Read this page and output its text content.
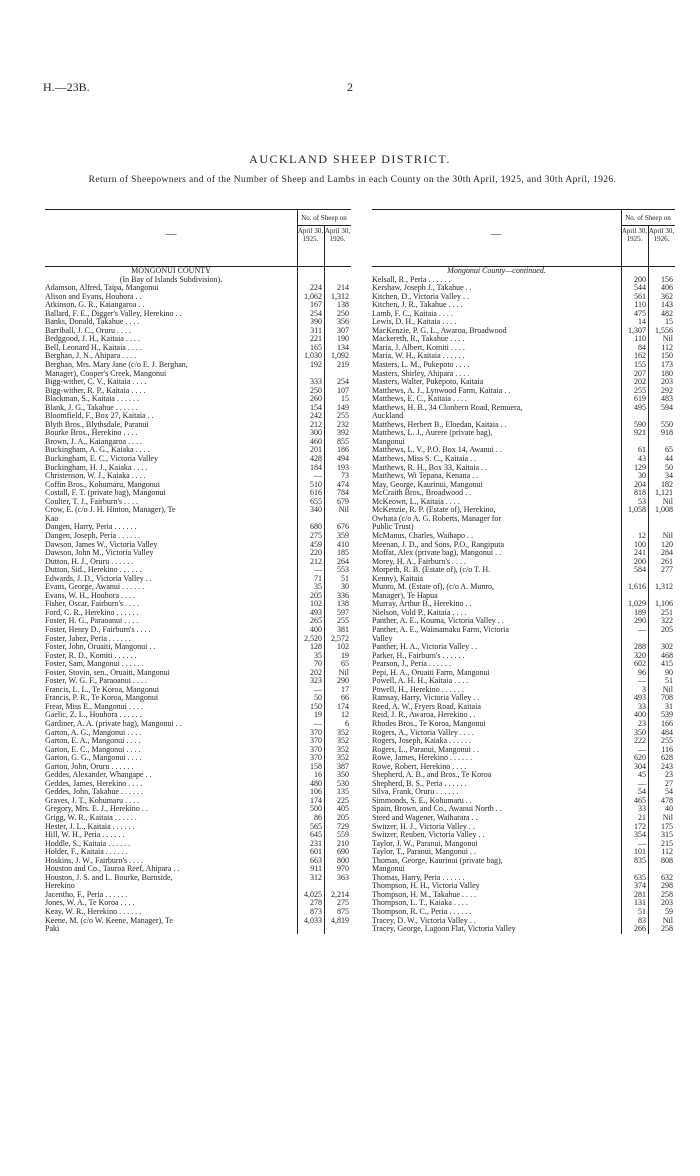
H.—23B.	2
AUCKLAND SHEEP DISTRICT.
Return of Sheepowners and of the Number of Sheep and Lambs in each County on the 30th April, 1925, and 30th April, 1926.
—
No. of Sheep on
April 30, 1925.
April 30, 1926.
MONGONUI COUNTY
(In Bay of Islands Subdivision).
Adamson, Alfred, Taipa, Mangonui	224	214
Alison and Evans, Houhora . .	1,062	1,312
Atkinson, G. R., Kaiangaroa . .	167	138
Ballard, F. E., Digger's Valley, Herekino . .	254	250
Banks, Donald, Takahue . . . .	390	356
Barriball, J. C., Oruru . . . .	311	307
Bedggood, J. H., Kaitaia . . . .	221	190
Bell, Leonard H., Kaitaia . . . .	165	134
Berghan, J. N., Ahipara . . . .	1,030	1,092
Berghan, Mrs. Mary Jane (c/o E. J. Berghan,	192	219
Manager), Cooper's Creek, Mangonui
Bigg-wither, C. V., Kaitaia . . . .	333	254
Bigg-wither, R. P., Kaitaia . . . .	250	107
Blackman, S., Kaitaia . . . . . .	260	15
Blank, J. G., Takahue . . . . . .	154	149
Bloomfield, F., Box 27, Kaitaia . .	242	255
Blyth Bros., Blythsdale, Paranui	212	232
Bourke Bros., Herekino . . . .	300	392
Brown, J. A., Kaiangaroa . . . .	460	855
Buckingham, A. G., Kaiaka . . . .	201	186
Buckingham, E. C., Victoria Valley	428	494
Buckingham, H. J., Kaiaka . . . .	184	193
Christenson, W. J., Kaiaka . . . .	—	73
Coffin Bros., Kohumaru, Mangonui	510	474
Costall, F. T. (private bag), Mangonui	616	784
Coulter, T. J., Fairburn's . . . .	655	679
Crow, E. (c/o J. H. Hinton, Manager), Te	340	Nil
Kao
Dangen, Harry, Peria . . . . . .	680	676
Dangen, Joseph, Peria . . . . . .	275	359
Dawson, James W., Victoria Valley	459	410
Dawson, John M., Victoria Valley	220	185
Dutton, H. J., Oruru . . . . . .	212	264
Dutton, Sid., Herekino . . . . . .	—	553
Edwards, J. D., Victoria Valley . .	71	51
Evans, George, Awanui . . . . . .	35	30
Evans, W. H., Houhora . . . .	205	336
Fisher, Oscar, Fairburn's . . . .	102	138
Ford, C. R., Herekino . . . . . .	493	597
Foster, H. G., Paraoanui . . . .	265	255
Foster, Henry D., Fairburn's . . . .	400	381
Foster, Jabez, Peria . . . . . .	2,520	2,572
Foster, John, Oruaiti, Mangonui . .	128	102
Foster, R. D., Komiti . . . . . .	35	19
Foster, Sam, Mangonui . . . . . .	70	65
Foster, Stovin, sen., Oruaiti, Mangonui	202	Nil
Foster, W. G. F., Paraoanui . . . .	323	290
Francis, L. L., Te Koroa, Mangonui	—	17
Francis, P. R., Te Koroa, Mangonui	50	66
Frear, Miss E., Mangonui . . . .	150	174
Gaelic, Z. L., Houhora . . . . . .	19	12
Gardiner, A. A. (private bag), Mangonui . .	—	6
Garton, A. G., Mangonui . . . .	370	352
Garton, E. A., Mangonui . . . .	370	352
Garton, E. C., Mangonui . . . .	370	352
Garton, G. G., Mangonui . . . .	370	352
Garton, John, Oruru . . . . . .	158	387
Geddes, Alexander, Whangape . .	16	350
Geddes, James, Herekino . . . .	480	530
Geddes, John, Takahue . . . . . .	106	135
Graves, J. T., Kohumaru . . . .	174	225
Gregory, Mrs. E. J., Herekino . .	500	405
Grigg, W. R., Kaitaia . . . . . .	86	205
Hester, J. L., Kaitaia . . . . . .	565	729
Hill, W. H., Peria . . . . . .	645	559
Hoddle, S., Kaitaia . . . . . .	231	210
Holder, F., Kaitaia . . . . . .	601	690
Hoskins, J. W., Fairburn's . . . .	663	800
Houston and Co., Tauroa Reef, Ahipara . .	911	970
Houston, J. S. and L. Bourke, Burnside,	312	363
Herekino
Jacentho, F., Peria . . . . . .	4,025	2,214
Jones, W. A., Te Koroa . . . .	278	275
Keay, W. R., Herekino . . . . . .	873	875
Keene, M. (c/o W. Keene, Manager), Te	4,033	4,819
Paki
—
No. of Sheep on
April 30, 1925.
April 30, 1926.
Mongonui County—continued.
Kelsall, R., Peria . . . . . .	200	156
Kershaw, Joseph J., Takahue . .	544	406
Kitchen, D., Victoria Valley . .	561	362
Kitchen, J. R., Takahue . . . .	110	143
Lamb, F. C., Kaitaia . . . .	475	482
Lewis, D. H., Kaitaia . . . .	14	15
MacKenzie, P. G. L., Awaroa, Broadwood	1,307	1,556
Mackereth, R., Takahue . . . .	110	Nil
Maria, J. Albert, Komiti . . . .	84	112
Maria, W. H., Kaitaia . . . . . .	162	150
Masters, L. M., Pukepoto . . . .	155	173
Masters, Shirley, Ahipara . . . .	207	180
Masters, Walter, Pukepoto, Kaitaia	202	203
Matthews, A. J., Lynwood Farm, Kaitaia . .	255	292
Matthews, E. C., Kaitaia . . . .	619	483
Matthews, H. B., 34 Clonbern Road, Remuera,	495	594
Auckland
Matthews, Herbert B., Eloedan, Kaitaia . .	590	550
Matthews, L. J., Aurere (private bag),	921	918
Mangonui
Matthews, L. V., P.O. Box 14, Awanui . .	61	65
Matthews, Miss S. C., Kaitaia . .	43	44
Matthews, R. H., Box 33, Kaitaia . .	129	50
Matthews, Wi Tepana, Kenana . .	30	34
May, George, Kaurinui, Mangonui	204	182
McCraith Bros., Broadwood . .	818	1,121
McKeown, L., Kaitaia . . . .	53	Nil
McKenzie, R. P. (Estate of), Herekino,	1,058	1,008
Owhata (c/o A. G. Roberts, Manager for
Public Trust)
McManus, Charles, Waihapo . .	12	Nil
Meenan, J. D., and Sons, P.O., Rangiputa	100	120
Moffat, Alex (private bag), Mangonui . .	241	284
Morey, H. A., Fairburn's . . . .	200	261
Morpeth, R. B. (Estate of), (c/o T. H.	584	277
Kenny), Kaitaia
Munro, M. (Estate of), (c/o A. Munro,	1,616	1,312
Manager), Te Hapua
Murray, Arthur B., Herekino . .	1,029	1,106
Nielson, Vold P., Kaitaia . . . .	189	251
Panther, A. E., Kouma, Victoria Valley . .	290	322
Panther, A. E., Waimamaku Farm, Victoria	—	205
Valley
Panther, H. A., Victoria Valley . .	288	302
Parker, H., Fairburn's . . . . . .	320	468
Pearson, J., Peria . . . . . .	602	415
Pepi, H. A., Oruaiti Farm, Mangonui	96	90
Powell, A. H. H., Kaitaia . . . .	—	51
Powell, H., Herekino . . . . . .	3	Nil
Ramsay, Harry, Victoria Valley . .	493	708
Reed, A. W., Fryers Road, Kaitaia	33	31
Reid, J. R., Awaroa, Herekino . .	400	539
Rhodes Bros., Te Koroa, Mangonui	23	166
Rogers, A., Victoria Valley . . . .	350	484
Rogers, Joseph, Kaiaka . . . . . .	222	255
Rogers, L., Paranui, Mangonui . .	—	116
Rowe, James, Herekino . . . . . .	620	628
Rowe, Robert, Herekino . . . .	304	243
Shepherd, A. B., and Bros., Te Koroa	45	23
Shepherd, B. S., Peria . . . . . .	—	27
Silva, Frank, Oruru . . . . . .	54	54
Simmonds, S. E., Kohumaru . .	465	478
Spain, Brown, and Co., Awanui North . .	33	40
Steed and Wagener, Waiharara . .	21	Nil
Switzer, H. J., Victoria Valley . .	172	175
Switzer, Reuben, Victoria Valley . .	354	315
Taylor, J. W., Paranui, Mangonui	—	215
Taylor, T., Paranui, Mangonui . .	101	112
Thomas, George, Kaurinui (private bag),	835	808
Mangonui
Thomas, Harry, Peria . . . . . .	635	632
Thompson, H. H., Victoria Valley	374	298
Thompson, H. M., Takahue . . . .	281	258
Thompson, L. T., Kaiaka . . . .	131	203
Thompson, R. C., Peria . . . . . .	51	59
Tracey, D. W., Victoria Valley . .	83	Nil
Tracey, George, Lagoon Flat, Victoria Valley	266	258
